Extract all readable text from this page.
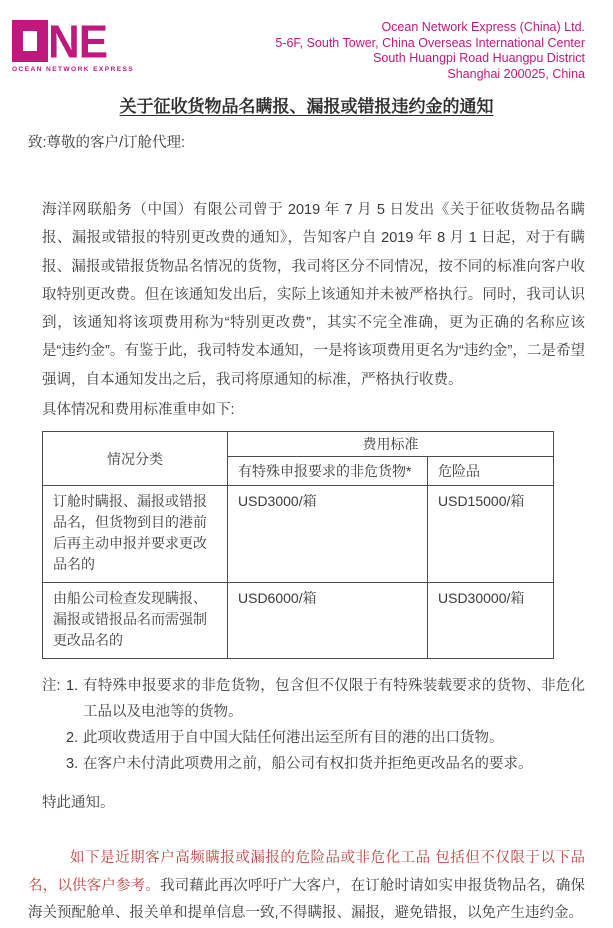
NE
OCEAN NETWORK EXPRESS
Ocean Network Express (China) Ltd.
5-6F, South Tower, China Overseas International Center
South Huangpi Road Huangpu District
Shanghai 200025, China
关于征收货物品名瞒报、漏报或错报违约金的通知
致:尊敬的客户/订舱代理:

海洋网联船务（中国）有限公司曾于 2019 年 7 月 5 日发出《关于征收货物品名瞒报、漏报或错报的特别更改费的通知》，告知客户自 2019 年 8 月 1 日起，对于有瞒报、漏报或错报货物品名情况的货物，我司将区分不同情况，按不同的标准向客户收取特别更改费。但在该通知发出后，实际上该通知并未被严格执行。同时，我司认识到，该通知将该项费用称为“特别更改费”，其实不完全准确，更为正确的名称应该是“违约金”。有鉴于此，我司特发本通知，一是将该项费用更名为“违约金”，二是希望强调，自本通知发出之后，我司将原通知的标准，严格执行收费。

具体情况和费用标准重申如下:
情况分类	费用标准	
	有特殊申报要求的非危货物*	危险品
订舱时瞒报、漏报或错报品名，但货物到目的港前后再主动申报并要求更改品名的	USD3000/箱	USD15000/箱
由船公司检查发现瞒报、漏报或错报品名而需强制更改品名的	USD6000/箱	USD30000/箱
注: 1. 有特殊申报要求的非危货物，包含但不仅限于有特殊装载要求的货物、非危化工品以及电池等的货物。
2. 此项收费适用于自中国大陆任何港出运至所有目的港的出口货物。
3. 在客户未付清此项费用之前，船公司有权扣货并拒绝更改品名的要求。
特此通知。

如下是近期客户高频瞒报或漏报的危险品或非危化工品 包括但不仅限于以下品名，以供客户参考。我司藉此再次呼吁广大客户，在订舱时请如实申报货物品名，确保海关预配舱单、报关单和提单信息一致,不得瞒报、漏报，避免错报，以免产生违约金。
